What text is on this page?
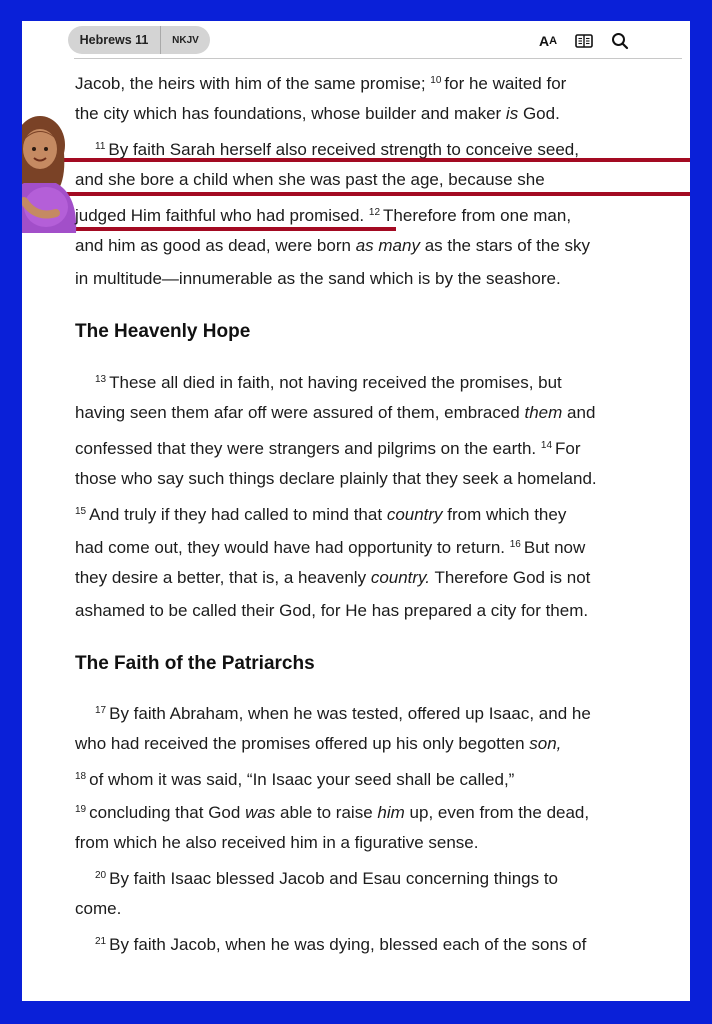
Hebrews 11	NKJV	A A
Jacob, the heirs with him of the same promise; $^{10}$ for he waited for
the city which has foundations, whose builder and maker is God.
$^{11}$ By faith Sarah herself also received strength to conceive seed,
and she bore a child when she was past the age, because she
judged Him faithful who had promised. $^{12}$ Therefore from one man,
and him as good as dead, were born as many as the stars of the sky
in multitude—innumerable as the sand which is by the seashore.
The Heavenly Hope
$^{13}$ These all died in faith, not having received the promises, but
having seen them afar off were assured of them, embraced them and
confessed that they were strangers and pilgrims on the earth. $^{14}$ For
those who say such things declare plainly that they seek a homeland.
$^{15}$ And truly if they had called to mind that country from which they
had come out, they would have had opportunity to return. $^{16}$ But now
they desire a better, that is, a heavenly country. Therefore God is not
ashamed to be called their God, for He has prepared a city for them.
The Faith of the Patriarchs
$^{17}$ By faith Abraham, when he was tested, offered up Isaac, and he
who had received the promises offered up his only begotten son,
$^{18}$ of whom it was said, “In Isaac your seed shall be called,”
$^{19}$ concluding that God was able to raise him up, even from the dead,
from which he also received him in a figurative sense.
$^{20}$ By faith Isaac blessed Jacob and Esau concerning things to
come.
$^{21}$ By faith Jacob, when he was dying, blessed each of the sons of
